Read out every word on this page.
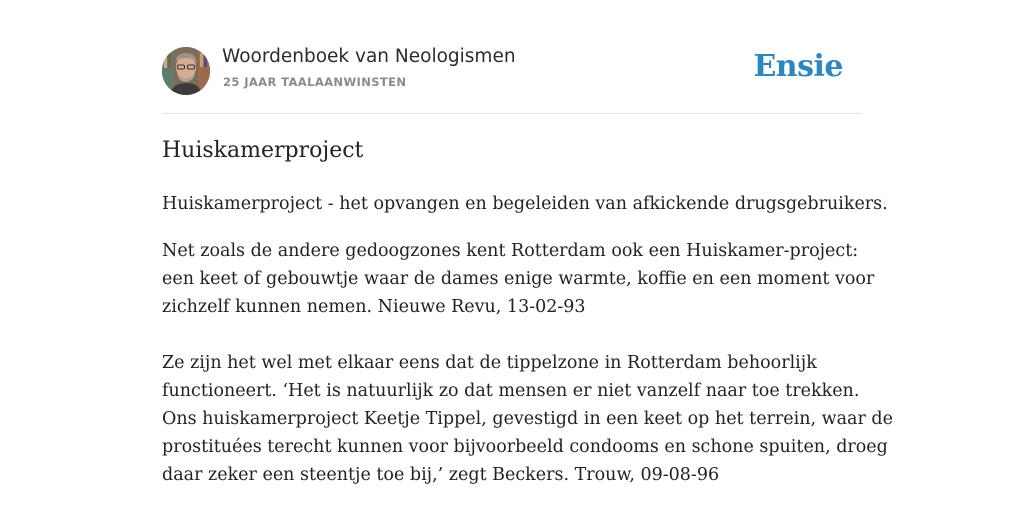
Woordenboek van Neologismen
25 JAAR TAALAANWINSTEN	Ensie
Huiskamerproject
Huiskamerproject - het opvangen en begeleiden van afkickende drugsgebruikers.
Net zoals de andere gedoogzones kent Rotterdam ook een Huiskamer-project:
een keet of gebouwtje waar de dames enige warmte, koffie en een moment voor
zichzelf kunnen nemen. Nieuwe Revu, 13-02-93
Ze zijn het wel met elkaar eens dat de tippelzone in Rotterdam behoorlijk
functioneert. ‘Het is natuurlijk zo dat mensen er niet vanzelf naar toe trekken.
Ons huiskamerproject Keetje Tippel, gevestigd in een keet op het terrein, waar de
prostituées terecht kunnen voor bijvoorbeeld condooms en schone spuiten, droeg
daar zeker een steentje toe bij,’ zegt Beckers. Trouw, 09-08-96
